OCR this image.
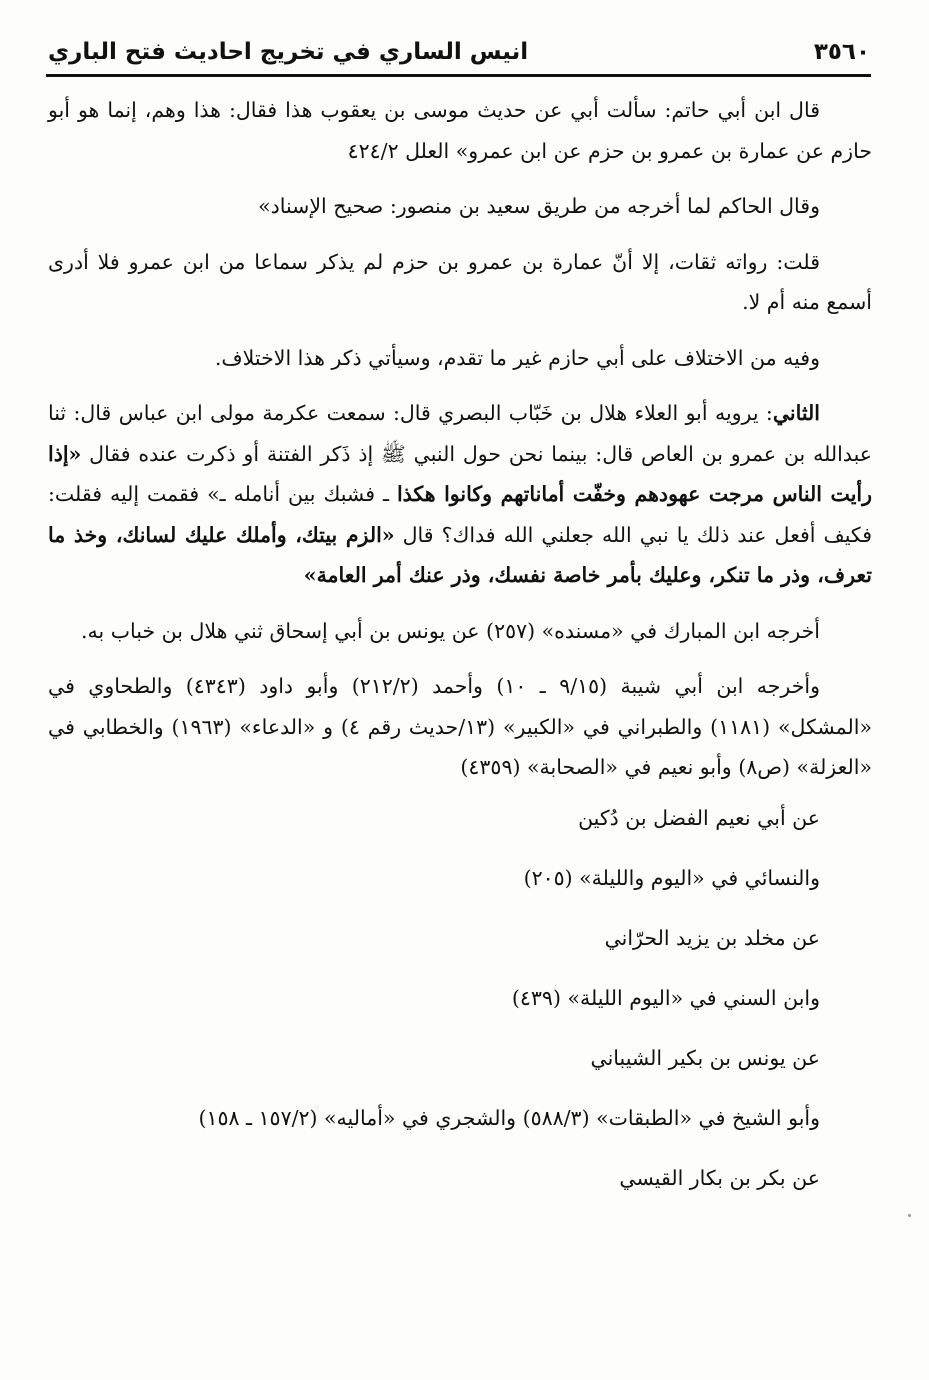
٣٥٦٠
انيس الساري في تخريج احاديث فتح الباري

قال ابن أبي حاتم: سألت أبي عن حديث موسى بن يعقوب هذا فقال: هذا وهم، إنما هو أبو حازم عن عمارة بن عمرو بن حزم عن ابن عمرو» العلل ٤٢٤/٢

وقال الحاكم لما أخرجه من طريق سعيد بن منصور: صحيح الإسناد»

قلت: رواته ثقات، إلا أنّ عمارة بن عمرو بن حزم لم يذكر سماعا من ابن عمرو فلا أدرى أسمع منه أم لا.

وفيه من الاختلاف على أبي حازم غير ما تقدم، وسيأتي ذكر هذا الاختلاف.

الثاني: يرويه أبو العلاء هلال بن خَبّاب البصري قال: سمعت عكرمة مولى ابن عباس قال: ثنا عبدالله بن عمرو بن العاص قال: بينما نحن حول النبي ﷺ إذ ذَكر الفتنة أو ذكرت عنده فقال «إذا رأيت الناس مرجت عهودهم وخفّت أماناتهم وكانوا هكذا ـ فشبك بين أنامله ـ» فقمت إليه فقلت: فكيف أفعل عند ذلك يا نبي الله جعلني الله فداك؟ قال «الزم بيتك، وأملك عليك لسانك، وخذ ما تعرف، وذر ما تنكر، وعليك بأمر خاصة نفسك، وذر عنك أمر العامة»

أخرجه ابن المبارك في «مسنده» (٢٥٧) عن يونس بن أبي إسحاق ثني هلال بن خباب به.

وأخرجه ابن أبي شيبة (٩/١٥ ـ ١٠) وأحمد (٢١٢/٢) وأبو داود (٤٣٤٣) والطحاوي في «المشكل» (١١٨١) والطبراني في «الكبير» (١٣/حديث رقم ٤) و «الدعاء» (١٩٦٣) والخطابي في «العزلة» (ص٨) وأبو نعيم في «الصحابة» (٤٣٥٩)

عن أبي نعيم الفضل بن دُكين
والنسائي في «اليوم والليلة» (٢٠٥)
عن مخلد بن يزيد الحرّاني
وابن السني في «اليوم الليلة» (٤٣٩)
عن يونس بن بكير الشيباني
وأبو الشيخ في «الطبقات» (٥٨٨/٣) والشجري في «أماليه» (١٥٧/٢ ـ ١٥٨)
عن بكر بن بكار القيسي
